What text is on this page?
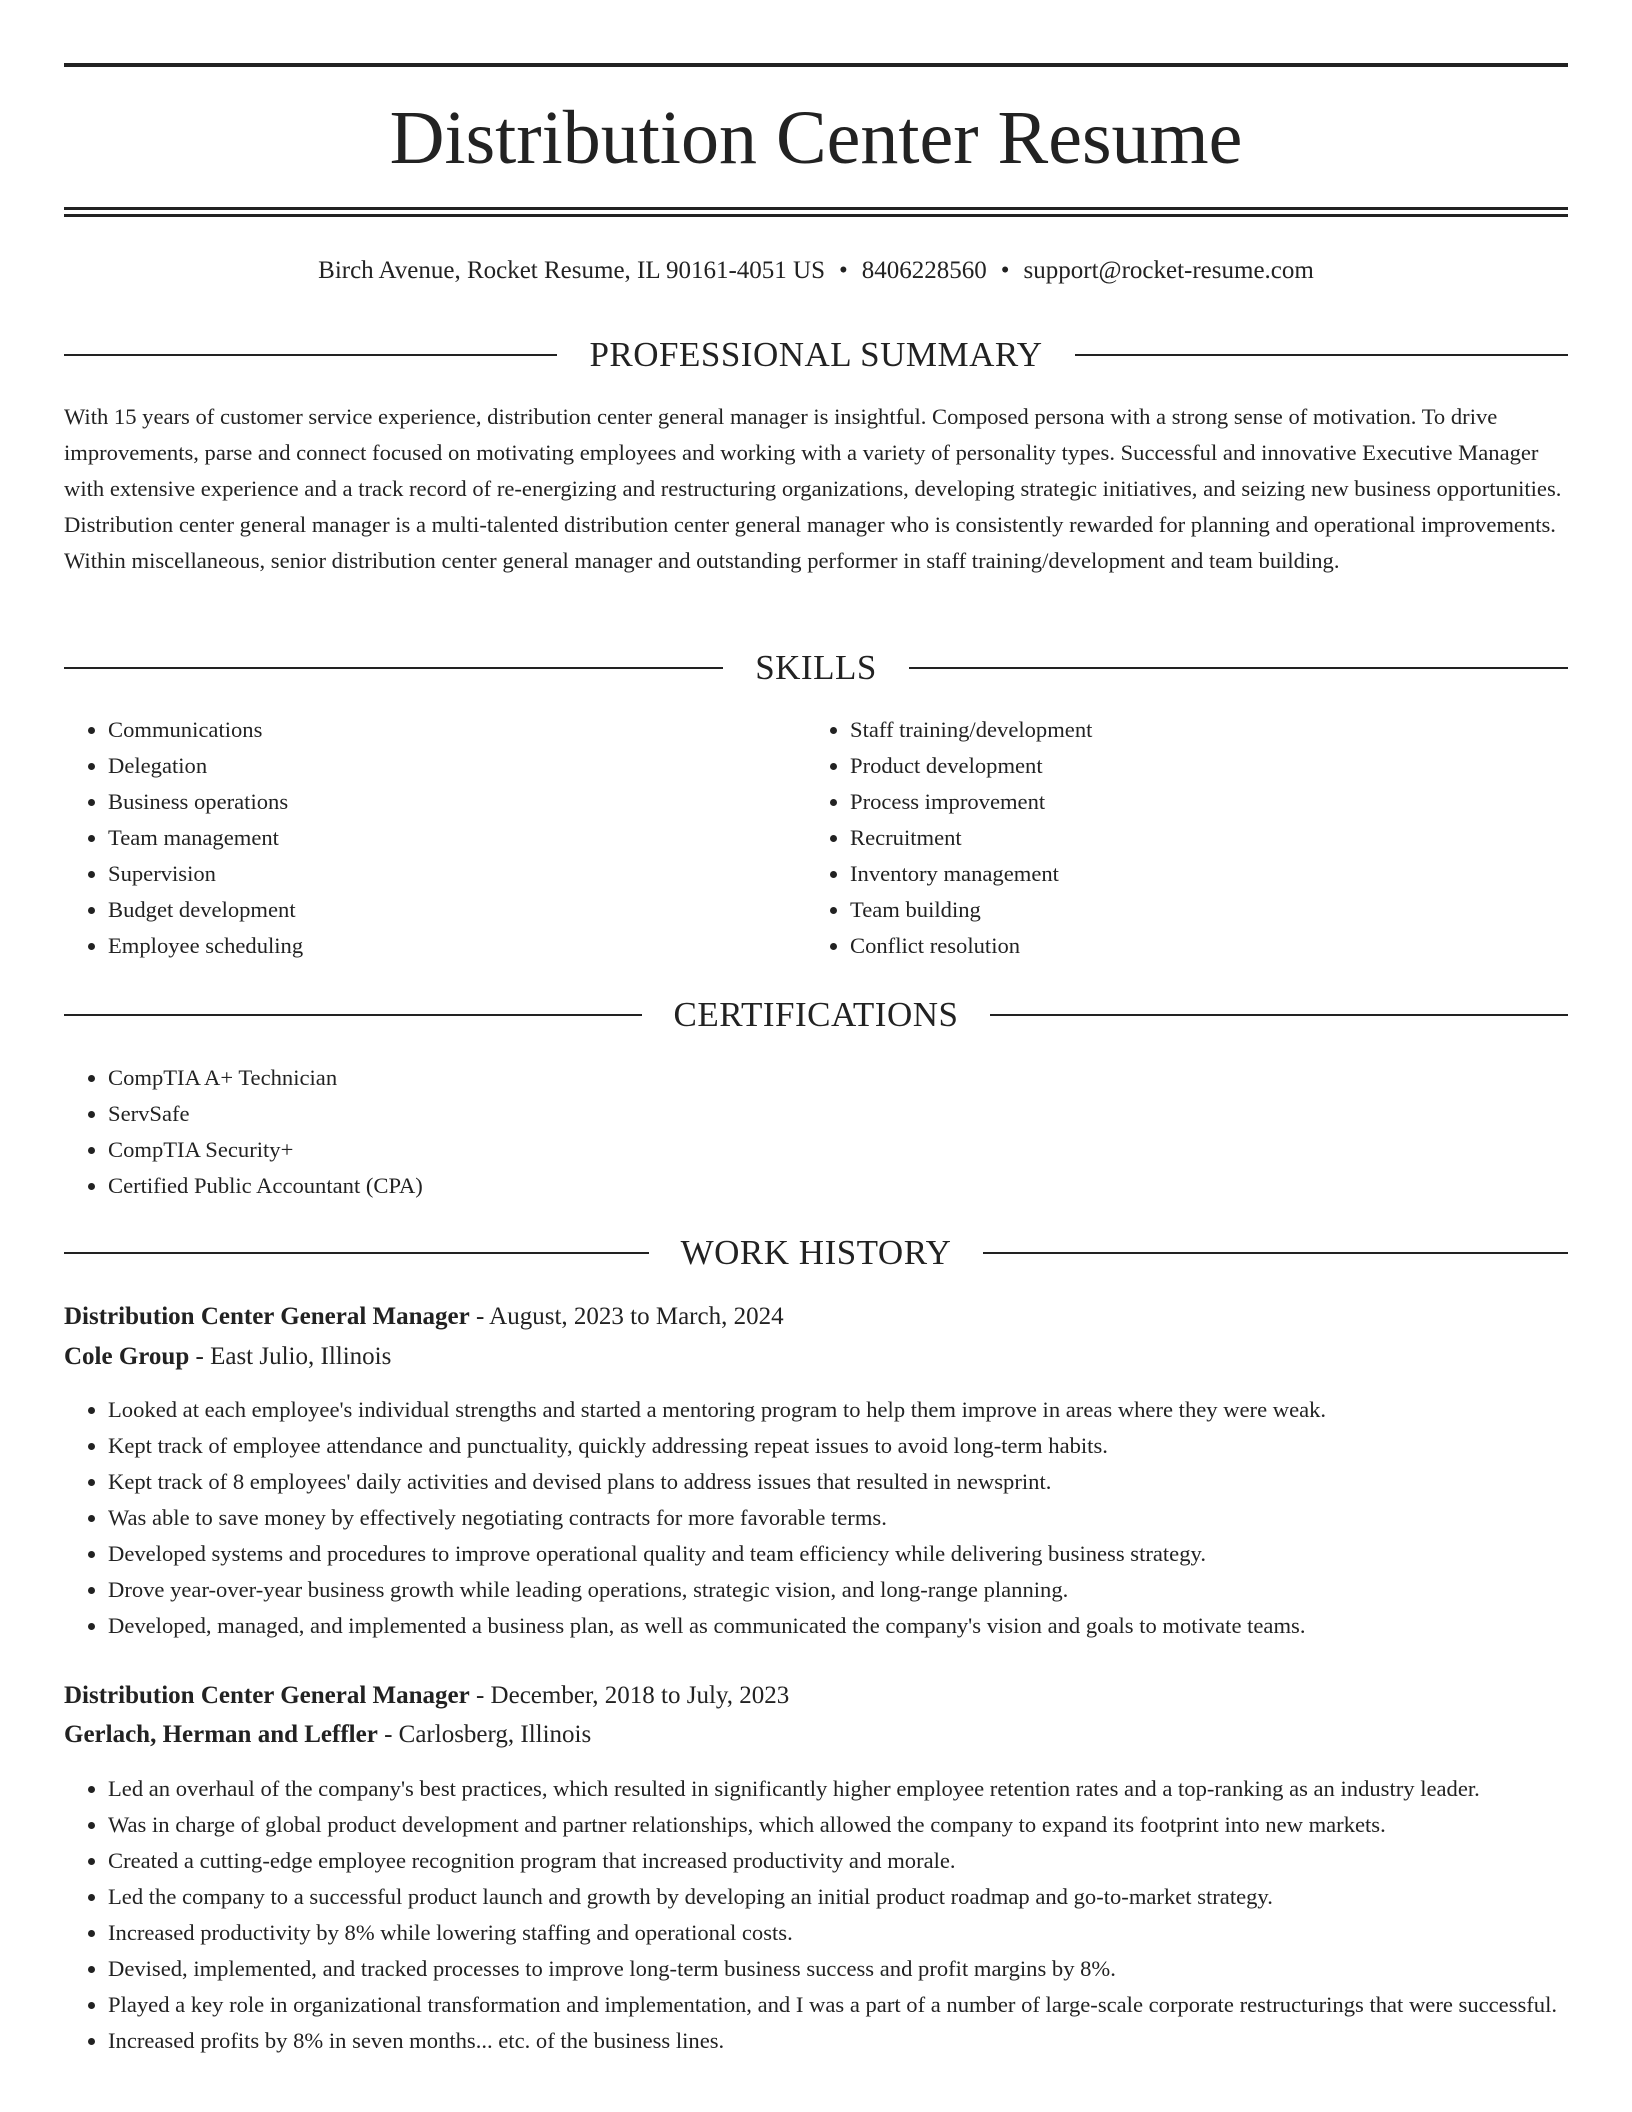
Distribution Center Resume
Birch Avenue, Rocket Resume, IL 90161-4051 US • 8406228560 • support@rocket-resume.com
PROFESSIONAL SUMMARY

With 15 years of customer service experience, distribution center general manager is insightful. Composed persona with a strong sense of motivation. To drive improvements, parse and connect focused on motivating employees and working with a variety of personality types. Successful and innovative Executive Manager with extensive experience and a track record of re-energizing and restructuring organizations, developing strategic initiatives, and seizing new business opportunities. Distribution center general manager is a multi-talented distribution center general manager who is consistently rewarded for planning and operational improvements. Within miscellaneous, senior distribution center general manager and outstanding performer in staff training/development and team building.

SKILLS
• Communications
• Delegation
• Business operations
• Team management
• Supervision
• Budget development
• Employee scheduling
• Staff training/development
• Product development
• Process improvement
• Recruitment
• Inventory management
• Team building
• Conflict resolution
CERTIFICATIONS
• CompTIA A+ Technician
• ServSafe
• CompTIA Security+
• Certified Public Accountant (CPA)
WORK HISTORY
Distribution Center General Manager - August, 2023 to March, 2024
Cole Group - East Julio, Illinois
• Looked at each employee's individual strengths and started a mentoring program to help them improve in areas where they were weak.
• Kept track of employee attendance and punctuality, quickly addressing repeat issues to avoid long-term habits.
• Kept track of 8 employees' daily activities and devised plans to address issues that resulted in newsprint.
• Was able to save money by effectively negotiating contracts for more favorable terms.
• Developed systems and procedures to improve operational quality and team efficiency while delivering business strategy.
• Drove year-over-year business growth while leading operations, strategic vision, and long-range planning.
• Developed, managed, and implemented a business plan, as well as communicated the company's vision and goals to motivate teams.
Distribution Center General Manager - December, 2018 to July, 2023
Gerlach, Herman and Leffler - Carlosberg, Illinois
• Led an overhaul of the company's best practices, which resulted in significantly higher employee retention rates and a top-ranking as an industry leader.
• Was in charge of global product development and partner relationships, which allowed the company to expand its footprint into new markets.
• Created a cutting-edge employee recognition program that increased productivity and morale.
• Led the company to a successful product launch and growth by developing an initial product roadmap and go-to-market strategy.
• Increased productivity by 8% while lowering staffing and operational costs.
• Devised, implemented, and tracked processes to improve long-term business success and profit margins by 8%.
• Played a key role in organizational transformation and implementation, and I was a part of a number of large-scale corporate restructurings that were successful.
• Increased profits by 8% in seven months... etc. of the business lines.
